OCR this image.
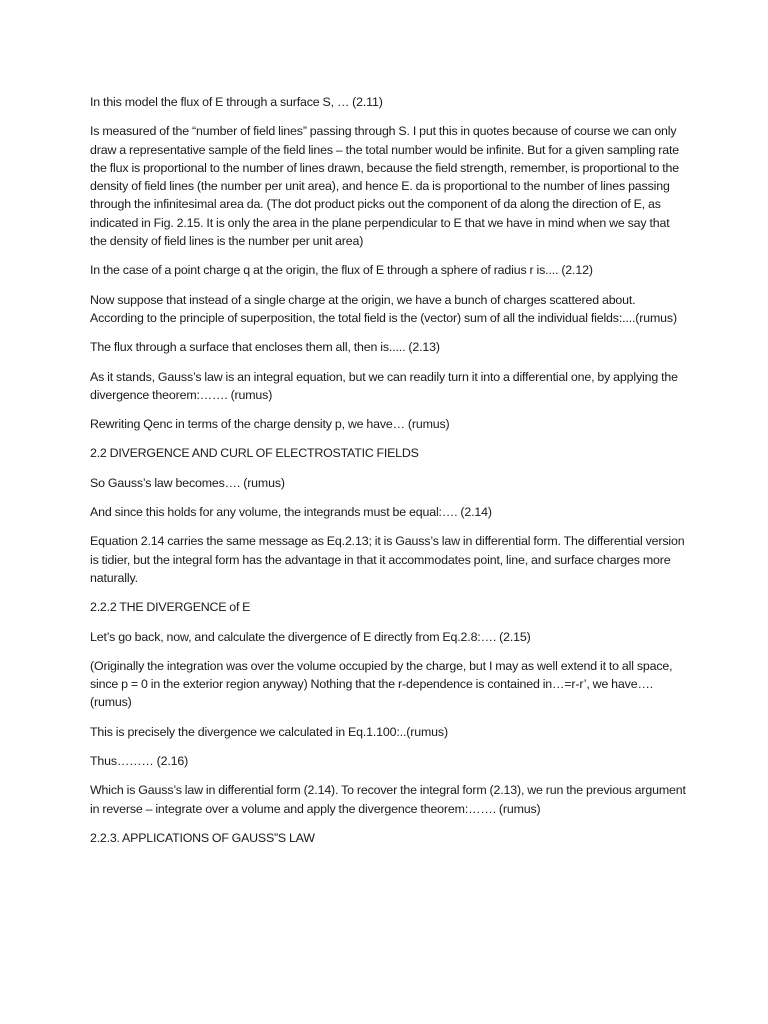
In this model the flux of E through a surface S, … (2.11)

Is measured of the “number of field lines” passing through S. I put this in quotes because of course we can only draw a representative sample of the field lines – the total number would be infinite. But for a given sampling rate the flux is proportional to the number of lines drawn, because the field strength, remember, is proportional to the density of field lines (the number per unit area), and hence E. da is proportional to the number of lines passing through the infinitesimal area da. (The dot product picks out the component of da along the direction of E, as indicated in Fig. 2.15. It is only the area in the plane perpendicular to E that we have in mind when we say that the density of field lines is the number per unit area)

In the case of a point charge q at the origin, the flux of E through a sphere of radius r is.... (2.12)

Now suppose that instead of a single charge at the origin, we have a bunch of charges scattered about. According to the principle of superposition, the total field is the (vector) sum of all the individual fields:....(rumus)

The flux through a surface that encloses them all, then is..... (2.13)

As it stands, Gauss’s law is an integral equation, but we can readily turn it into a differential one, by applying the divergence theorem:……. (rumus)

Rewriting Qenc in terms of the charge density p, we have… (rumus)

2.2 DIVERGENCE AND CURL OF ELECTROSTATIC FIELDS

So Gauss’s law becomes…. (rumus)

And since this holds for any volume, the integrands must be equal:…. (2.14)

Equation 2.14 carries the same message as Eq.2.13; it is Gauss’s law in differential form. The differential version is tidier, but the integral form has the advantage in that it accommodates point, line, and surface charges more naturally.

2.2.2 THE DIVERGENCE of E

Let’s go back, now, and calculate the divergence of E directly from Eq.2.8:…. (2.15)

(Originally the integration was over the volume occupied by the charge, but I may as well extend it to all space, since p = 0 in the exterior region anyway) Nothing that the r-dependence is contained in…=r-r’, we have…. (rumus)

This is precisely the divergence we calculated in Eq.1.100:..(rumus)

Thus……… (2.16)

Which is Gauss’s law in differential form (2.14). To recover the integral form (2.13), we run the previous argument in reverse – integrate over a volume and apply the divergence theorem:……. (rumus)

2.2.3. APPLICATIONS OF GAUSS”S LAW
